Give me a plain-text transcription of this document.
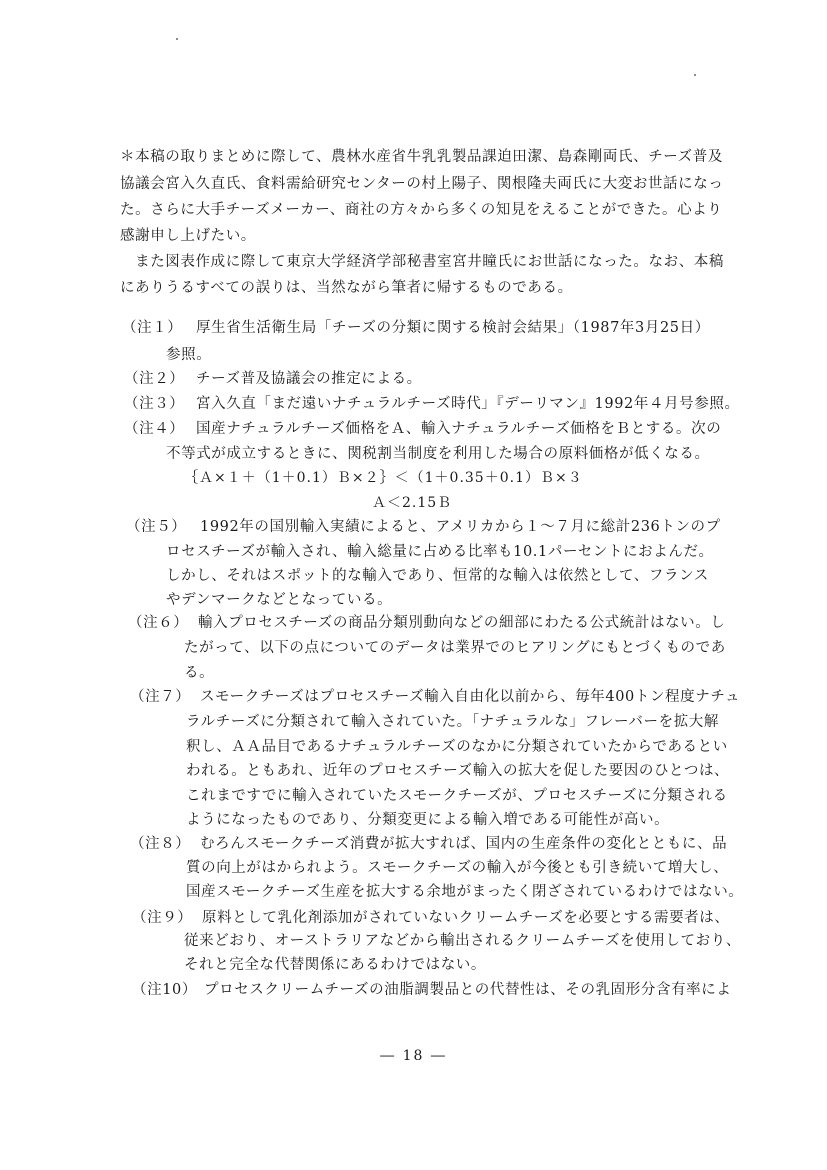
＊本稿の取りまとめに際して、農林水産省牛乳乳製品課迫田潔、島森剛両氏、チーズ普及
協議会宮入久直氏、食料需給研究センターの村上陽子、関根隆夫両氏に大変お世話になっ
た。さらに大手チーズメーカー、商社の方々から多くの知見をえることができた。心より
感謝申し上げたい。
　また図表作成に際して東京大学経済学部秘書室宮井瞳氏にお世話になった。なお、本稿
にありうるすべての誤りは、当然ながら筆者に帰するものである。
（注１） 厚生省生活衛生局「チーズの分類に関する検討会結果」（1987年3月25日）
参照。
（注２） チーズ普及協議会の推定による。
（注３） 宮入久直「まだ遠いナチュラルチーズ時代」『デーリマン』1992年４月号参照。
（注４） 国産ナチュラルチーズ価格をＡ、輸入ナチュラルチーズ価格をＢとする。次の
不等式が成立するときに、関税割当制度を利用した場合の原料価格が低くなる。
｛Ａ×１＋（1＋0.1）Ｂ×２｝＜（1＋0.35＋0.1）Ｂ×３
Ａ＜2.15Ｂ
（注５） 1992年の国別輸入実績によると、アメリカから１～７月に総計236トンのプ
ロセスチーズが輸入され、輸入総量に占める比率も10.1パーセントにおよんだ。
しかし、それはスポット的な輸入であり、恒常的な輸入は依然として、フランス
やデンマークなどとなっている。
（注６） 輸入プロセスチーズの商品分類別動向などの細部にわたる公式統計はない。し
たがって、以下の点についてのデータは業界でのヒアリングにもとづくものであ
る。
（注７） スモークチーズはプロセスチーズ輸入自由化以前から、毎年400トン程度ナチュ
ラルチーズに分類されて輸入されていた。「ナチュラルな」フレーバーを拡大解
釈し、ＡＡ品目であるナチュラルチーズのなかに分類されていたからであるとい
われる。ともあれ、近年のプロセスチーズ輸入の拡大を促した要因のひとつは、
これまですでに輸入されていたスモークチーズが、プロセスチーズに分類される
ようになったものであり、分類変更による輸入増である可能性が高い。
（注８） むろんスモークチーズ消費が拡大すれば、国内の生産条件の変化とともに、品
質の向上がはかられよう。スモークチーズの輸入が今後とも引き続いて増大し、
国産スモークチーズ生産を拡大する余地がまったく閉ざされているわけではない。
（注９） 原料として乳化剤添加がされていないクリームチーズを必要とする需要者は、
従来どおり、オーストラリアなどから輸出されるクリームチーズを使用しており、
それと完全な代替関係にあるわけではない。
（注10） プロセスクリームチーズの油脂調製品との代替性は、その乳固形分含有率によ
― 18 ―
